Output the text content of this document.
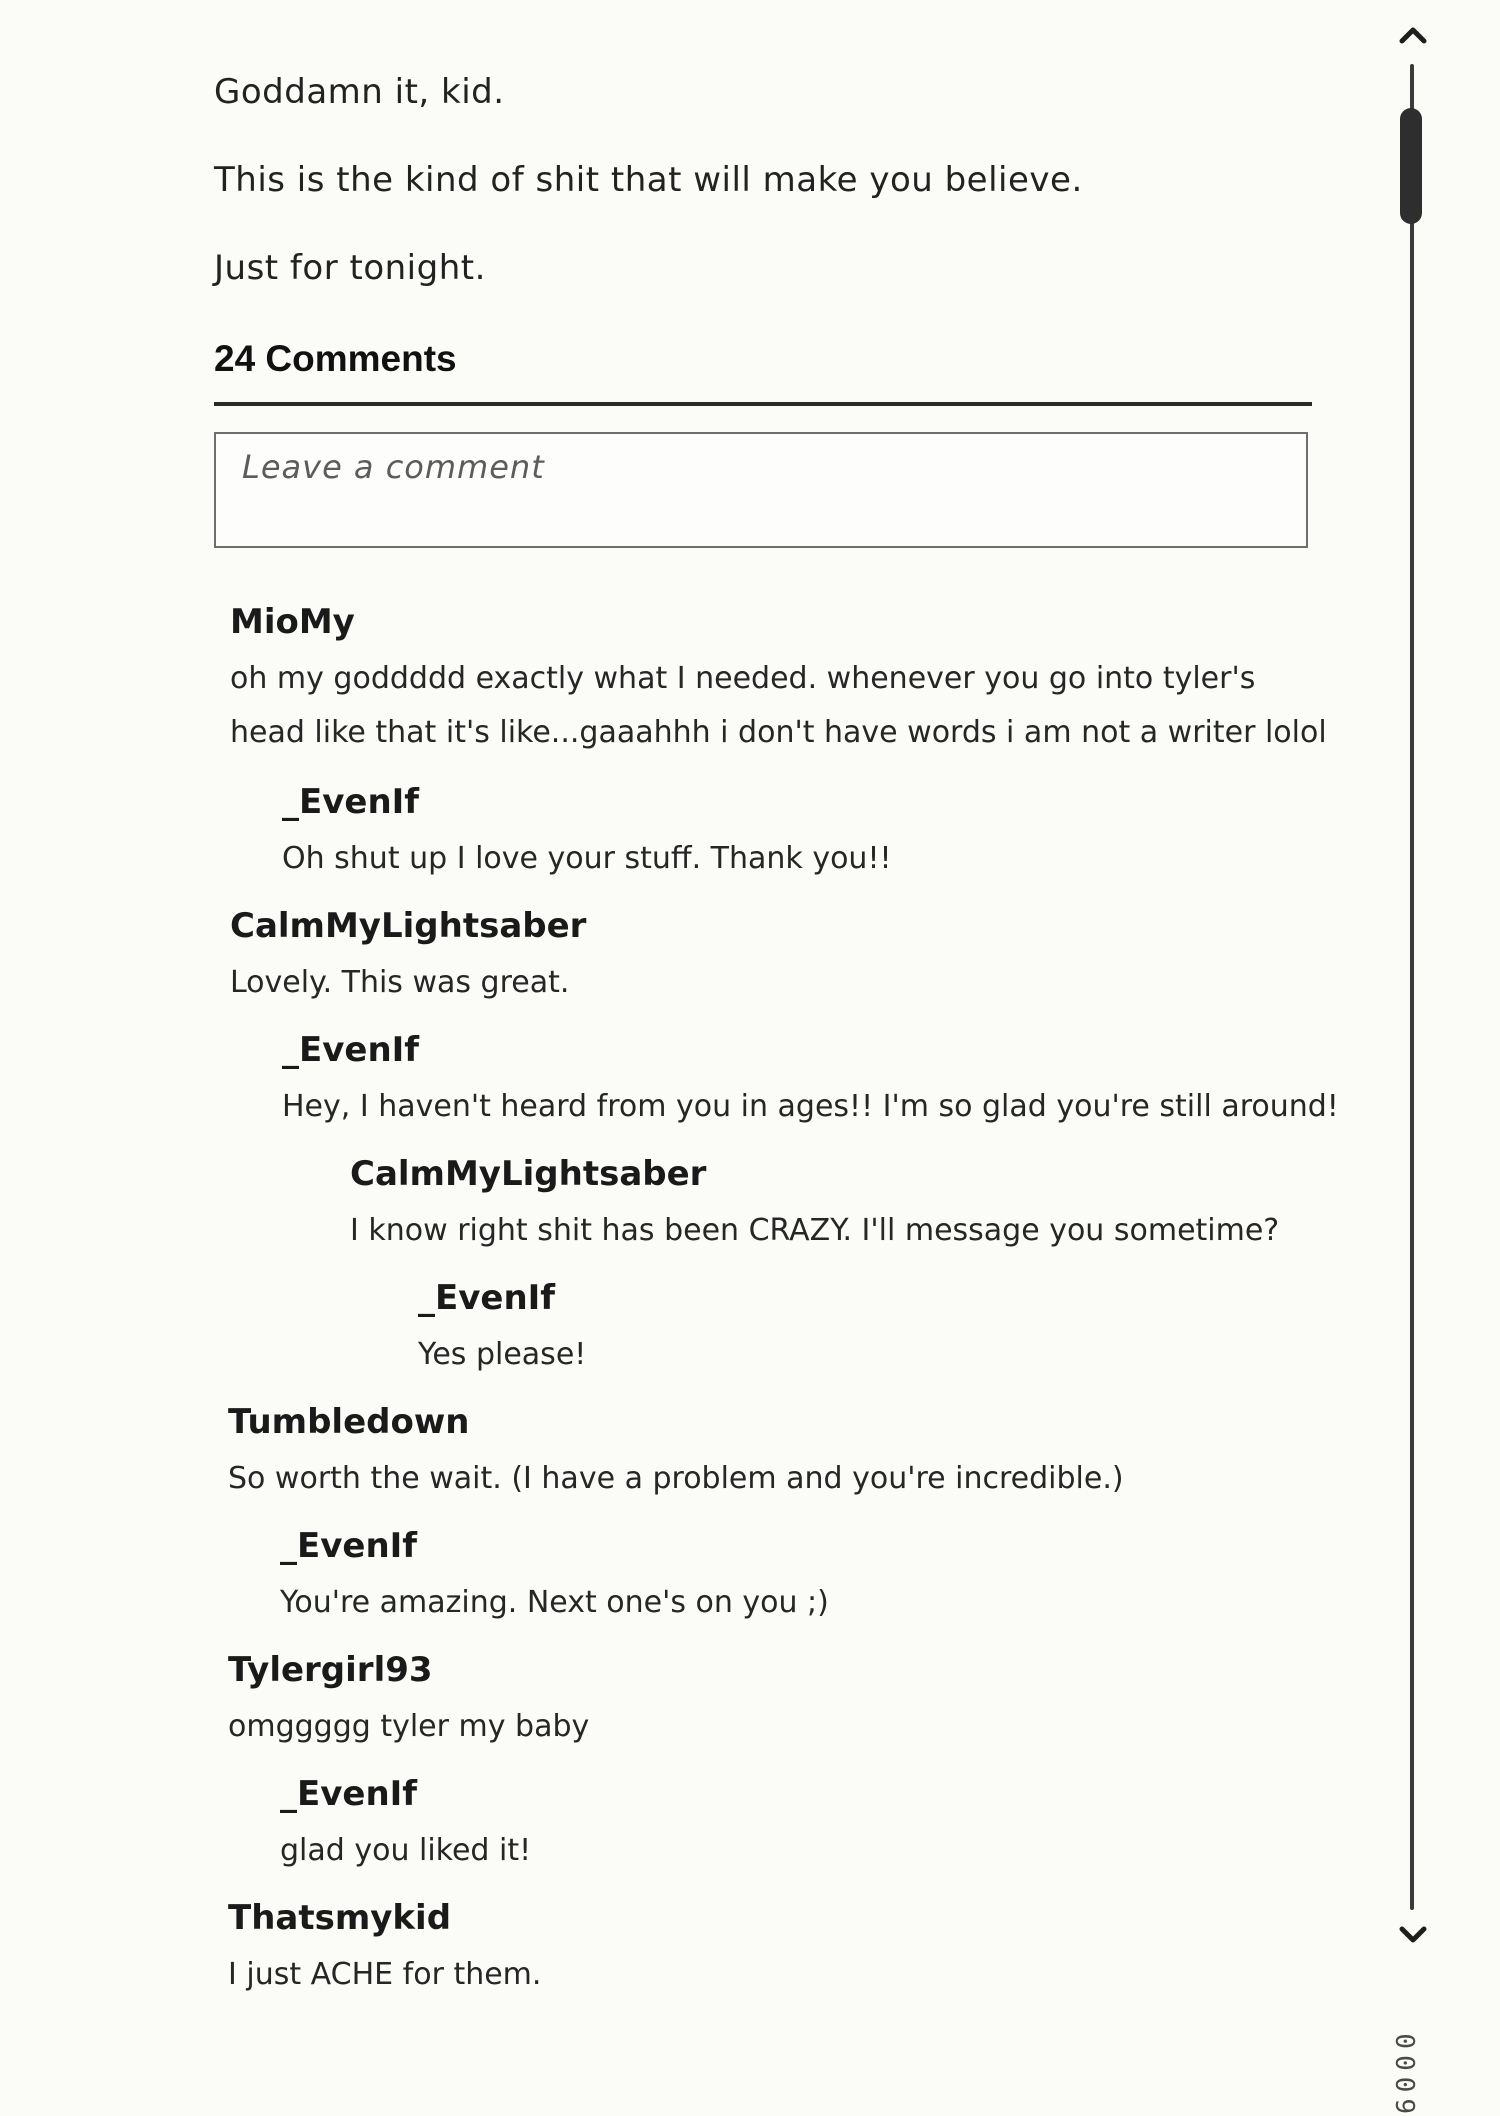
Goddamn it, kid.

This is the kind of shit that will make you believe.

Just for tonight.

24 Comments
Leave a comment
MioMy
oh my goddddd exactly what I needed. whenever you go into tyler's
head like that it's like...gaaahhh i don't have words i am not a writer lolol
_EvenIf
Oh shut up I love your stuff. Thank you!!
CalmMyLightsaber
Lovely. This was great.
_EvenIf
Hey, I haven't heard from you in ages!! I'm so glad you're still around!
CalmMyLightsaber
I know right shit has been CRAZY. I'll message you sometime?
_EvenIf
Yes please!
Tumbledown
So worth the wait. (I have a problem and you're incredible.)
_EvenIf
You're amazing. Next one's on you ;)
Tylergirl93
omggggg tyler my baby
_EvenIf
glad you liked it!
Thatsmykid
I just ACHE for them.
6000
